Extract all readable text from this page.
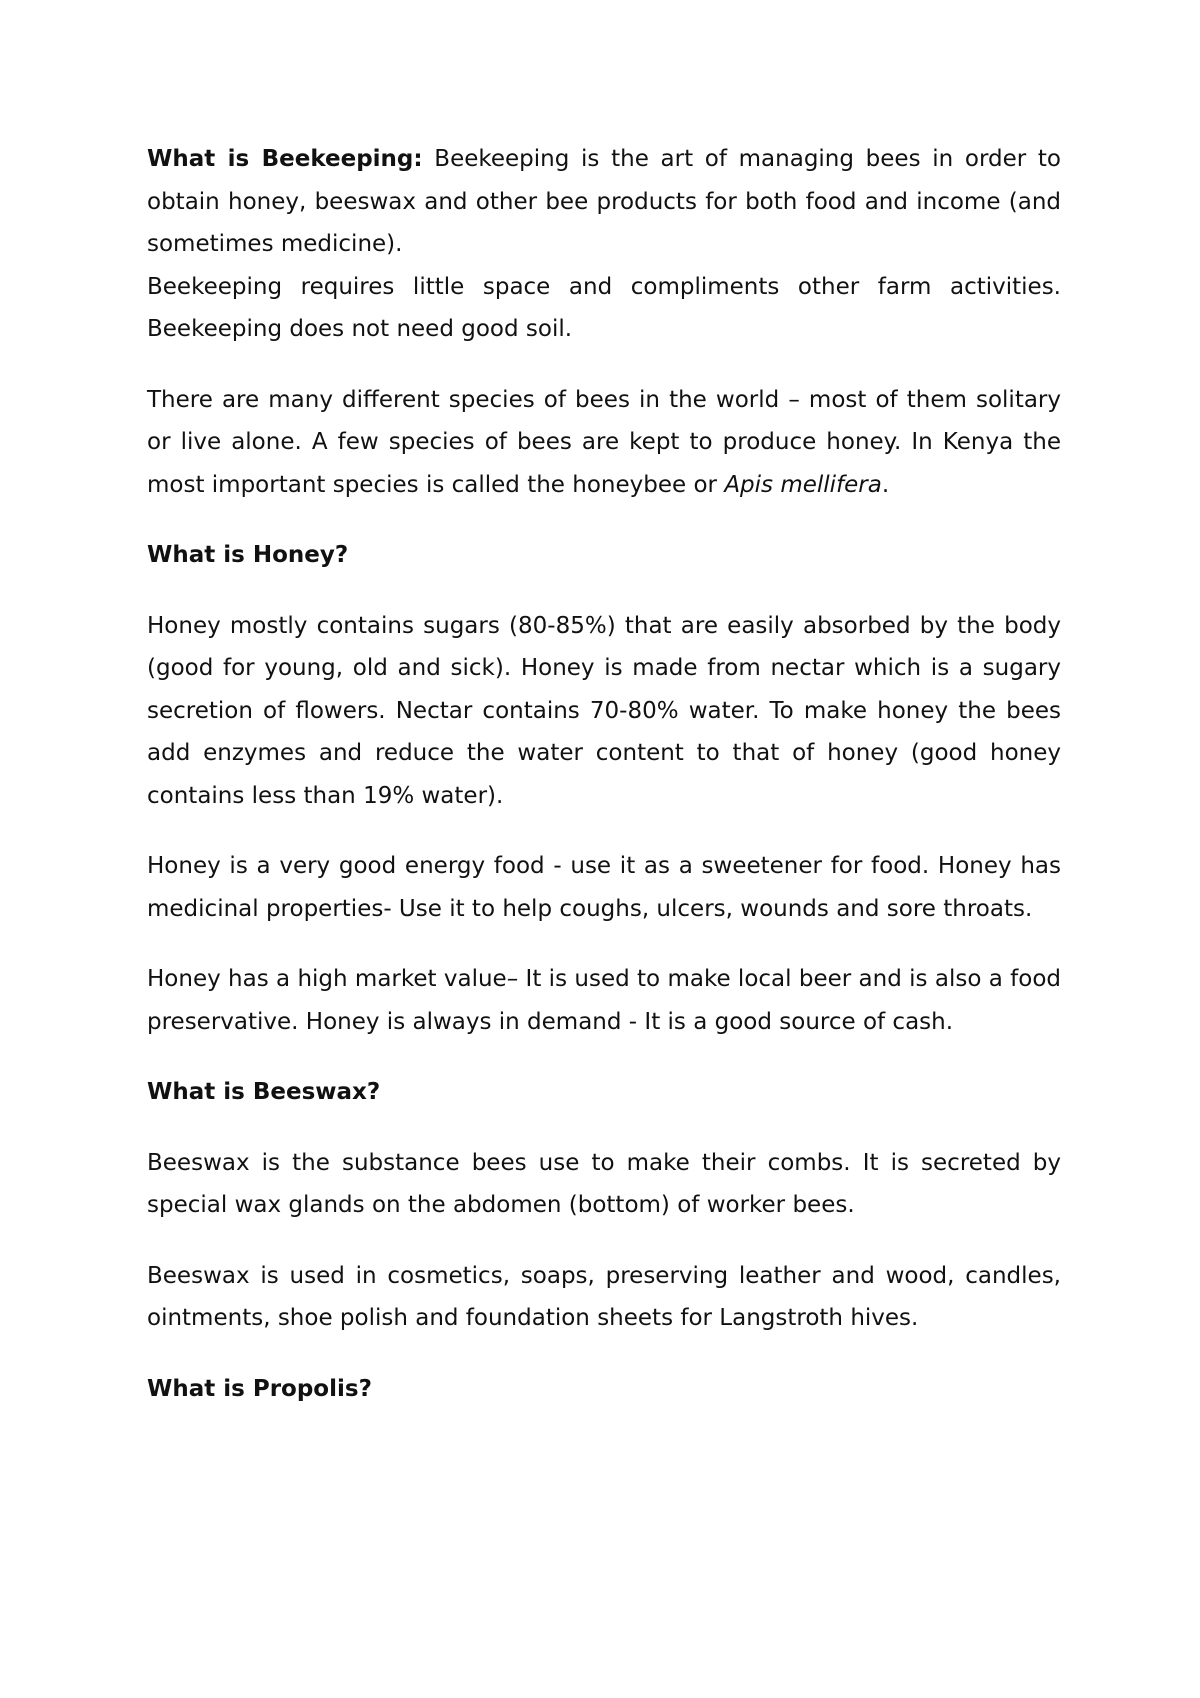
What is Beekeeping: Beekeeping is the art of managing bees in order to obtain honey, beeswax and other bee products for both food and income (and sometimes medicine).

Beekeeping requires little space and compliments other farm activities. Beekeeping does not need good soil.

There are many different species of bees in the world – most of them solitary or live alone. A few species of bees are kept to produce honey. In Kenya the most important species is called the honeybee or Apis mellifera.

What is Honey?

Honey mostly contains sugars (80-85%) that are easily absorbed by the body (good for young, old and sick). Honey is made from nectar which is a sugary secretion of flowers. Nectar contains 70-80% water. To make honey the bees add enzymes and reduce the water content to that of honey (good honey contains less than 19% water).

Honey is a very good energy food - use it as a sweetener for food. Honey has medicinal properties- Use it to help coughs, ulcers, wounds and sore throats.

Honey has a high market value– It is used to make local beer and is also a food preservative. Honey is always in demand - It is a good source of cash.

What is Beeswax?

Beeswax is the substance bees use to make their combs. It is secreted by special wax glands on the abdomen (bottom) of worker bees.

Beeswax is used in cosmetics, soaps, preserving leather and wood, candles, ointments, shoe polish and foundation sheets for Langstroth hives.

What is Propolis?
